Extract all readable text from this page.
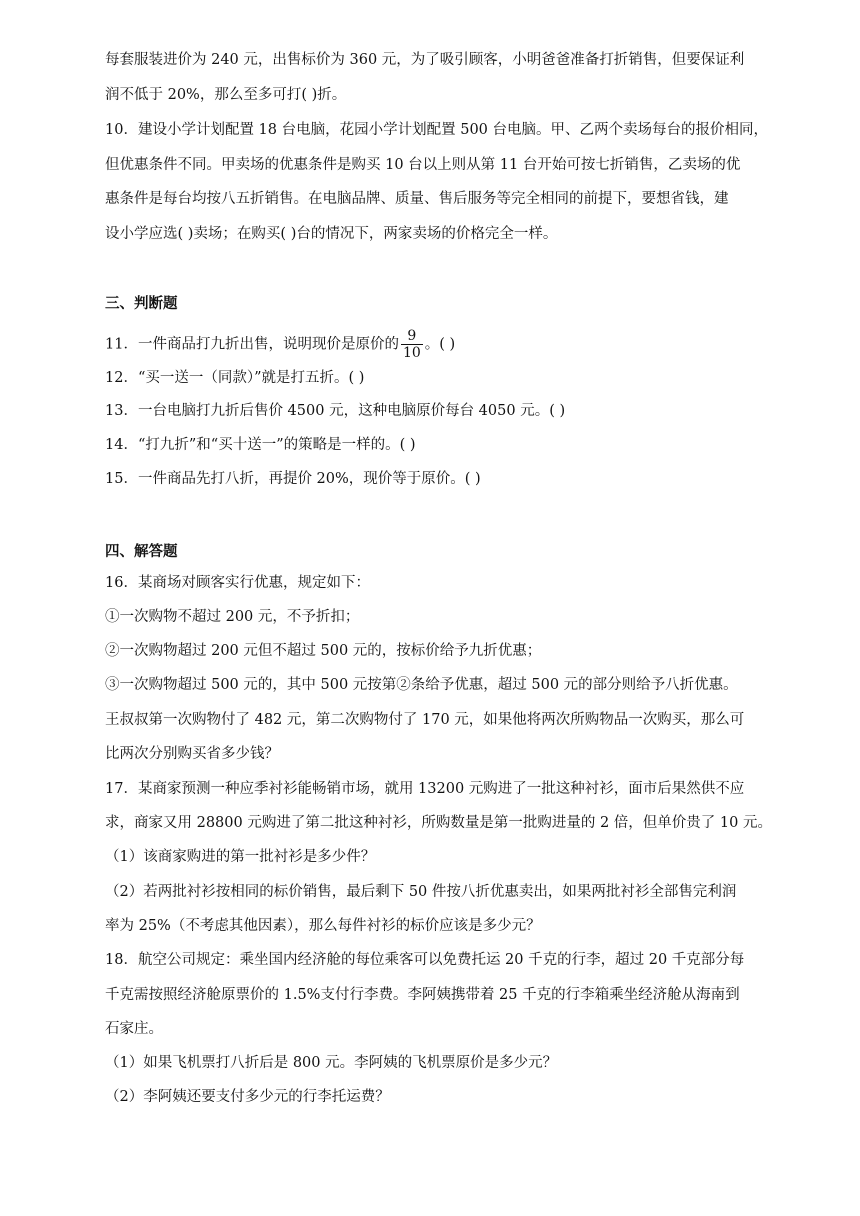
每套服装进价为 240 元，出售标价为 360 元，为了吸引顾客，小明爸爸准备打折销售，但要保证利
润不低于 20%，那么至多可打( )折。
10．建设小学计划配置 18 台电脑，花园小学计划配置 500 台电脑。甲、乙两个卖场每台的报价相同，
但优惠条件不同。甲卖场的优惠条件是购买 10 台以上则从第 11 台开始可按七折销售，乙卖场的优
惠条件是每台均按八五折销售。在电脑品牌、质量、售后服务等完全相同的前提下，要想省钱，建
设小学应选( )卖场；在购买( )台的情况下，两家卖场的价格完全一样。
三、判断题
11．一件商品打九折出售，说明现价是原价的 $\frac{9}{10}$ 。( )
12．“买一送一（同款）”就是打五折。( )
13．一台电脑打九折后售价 4500 元，这种电脑原价每台 4050 元。( )
14．“打九折”和“买十送一”的策略是一样的。( )
15．一件商品先打八折，再提价 20%，现价等于原价。( )
四、解答题
16．某商场对顾客实行优惠，规定如下：
①一次购物不超过 200 元，不予折扣；
②一次购物超过 200 元但不超过 500 元的，按标价给予九折优惠；
③一次购物超过 500 元的，其中 500 元按第②条给予优惠，超过 500 元的部分则给予八折优惠。
王叔叔第一次购物付了 482 元，第二次购物付了 170 元，如果他将两次所购物品一次购买，那么可
比两次分别购买省多少钱？
17．某商家预测一种应季衬衫能畅销市场，就用 13200 元购进了一批这种衬衫，面市后果然供不应
求，商家又用 28800 元购进了第二批这种衬衫，所购数量是第一批购进量的 2 倍，但单价贵了 10 元。
（1）该商家购进的第一批衬衫是多少件？
（2）若两批衬衫按相同的标价销售，最后剩下 50 件按八折优惠卖出，如果两批衬衫全部售完利润
率为 25%（不考虑其他因素），那么每件衬衫的标价应该是多少元？
18．航空公司规定：乘坐国内经济舱的每位乘客可以免费托运 20 千克的行李，超过 20 千克部分每
千克需按照经济舱原票价的 1.5%支付行李费。李阿姨携带着 25 千克的行李箱乘坐经济舱从海南到
石家庄。
（1）如果飞机票打八折后是 800 元。李阿姨的飞机票原价是多少元？
（2）李阿姨还要支付多少元的行李托运费？
